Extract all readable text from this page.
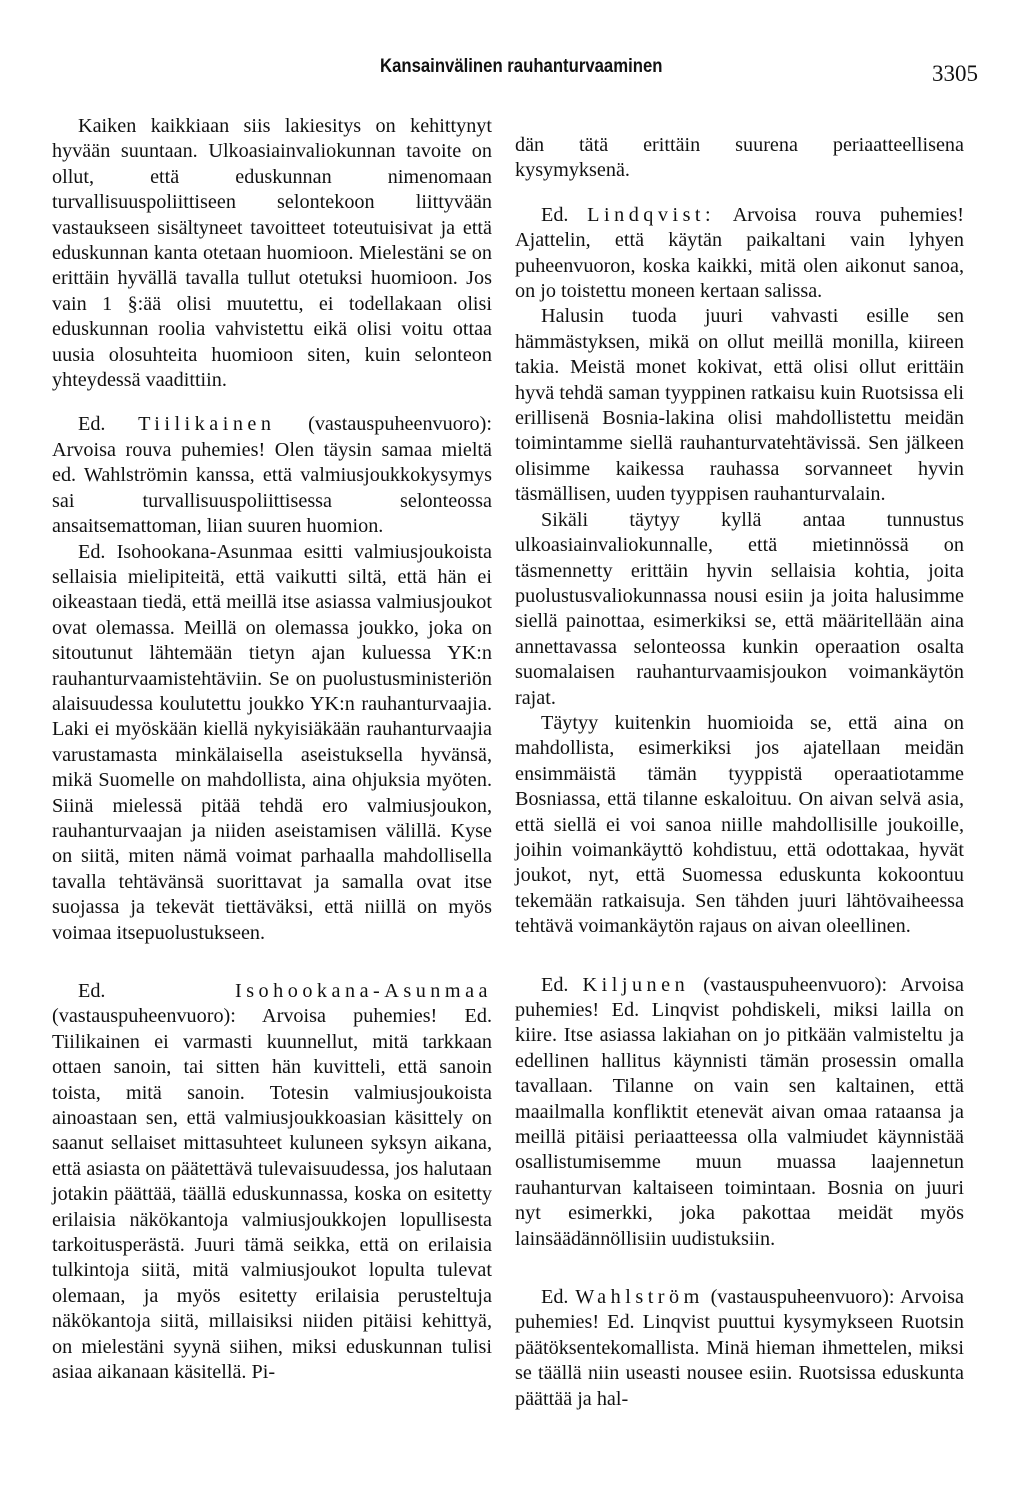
Kansainvälinen rauhanturvaaminen	3305

Kaiken kaikkiaan siis lakiesitys on kehittynyt hyvään suuntaan. Ulkoasiainvaliokunnan tavoite on ollut, että eduskunnan nimenomaan turvallisuuspoliittiseen selontekoon liittyvään vastaukseen sisältyneet tavoitteet toteutuisivat ja että eduskunnan kanta otetaan huomioon. Mielestäni se on erittäin hyvällä tavalla tullut otetuksi huomioon. Jos vain 1 §:ää olisi muutettu, ei todellakaan olisi eduskunnan roolia vahvistettu eikä olisi voitu ottaa uusia olosuhteita huomioon siten, kuin selonteon yhteydessä vaadittiin.

Ed. Tiilikainen (vastauspuheenvuoro): Arvoisa rouva puhemies! Olen täysin samaa mieltä ed. Wahlströmin kanssa, että valmiusjoukkokysymys sai turvallisuuspoliittisessa selonteossa ansaitsemattoman, liian suuren huomion.

Ed. Isohookana-Asunmaa esitti valmiusjoukoista sellaisia mielipiteitä, että vaikutti siltä, että hän ei oikeastaan tiedä, että meillä itse asiassa valmiusjoukot ovat olemassa. Meillä on olemassa joukko, joka on sitoutunut lähtemään tietyn ajan kuluessa YK:n rauhanturvaamistehtäviin. Se on puolustusministeriön alaisuudessa koulutettu joukko YK:n rauhanturvaajia. Laki ei myöskään kiellä nykyisiäkään rauhanturvaajia varustamasta minkälaisella aseistuksella hyvänsä, mikä Suomelle on mahdollista, aina ohjuksia myöten. Siinä mielessä pitää tehdä ero valmiusjoukon, rauhanturvaajan ja niiden aseistamisen välillä. Kyse on siitä, miten nämä voimat parhaalla mahdollisella tavalla tehtävänsä suorittavat ja samalla ovat itse suojassa ja tekevät tiettäväksi, että niillä on myös voimaa itsepuolustukseen.

Ed.	Isohookana-Asunmaa (vastauspuheenvuoro): Arvoisa puhemies! Ed. Tiilikainen ei varmasti kuunnellut, mitä tarkkaan ottaen sanoin, tai sitten hän kuvitteli, että sanoin toista, mitä sanoin. Totesin valmiusjoukoista ainoastaan sen, että valmiusjoukkoasian käsittely on saanut sellaiset mittasuhteet kuluneen syksyn aikana, että asiasta on päätettävä tulevaisuudessa, jos halutaan jotakin päättää, täällä eduskunnassa, koska on esitetty erilaisia näkökantoja valmiusjoukkojen lopullisesta tarkoitusperästä. Juuri tämä seikka, että on erilaisia tulkintoja siitä, mitä valmiusjoukot lopulta tulevat olemaan, ja myös esitetty erilaisia perusteltuja näkökantoja siitä, millaisiksi niiden pitäisi kehittyä, on mielestäni syynä siihen, miksi eduskunnan tulisi asiaa aikanaan käsitellä. Pi-

dän tätä erittäin suurena periaatteellisena kysymyksenä.

Ed. Lindqvist: Arvoisa rouva puhemies! Ajattelin, että käytän paikaltani vain lyhyen puheenvuoron, koska kaikki, mitä olen aikonut sanoa, on jo toistettu moneen kertaan salissa.

Halusin tuoda juuri vahvasti esille sen hämmästyksen, mikä on ollut meillä monilla, kiireen takia. Meistä monet kokivat, että olisi ollut erittäin hyvä tehdä saman tyyppinen ratkaisu kuin Ruotsissa eli erillisenä Bosnia-lakina olisi mahdollistettu meidän toimintamme siellä rauhanturvatehtävissä. Sen jälkeen olisimme kaikessa rauhassa sorvanneet hyvin täsmällisen, uuden tyyppisen rauhanturvalain.

Sikäli täytyy kyllä antaa tunnustus ulkoasiainvaliokunnalle, että mietinnössä on täsmennetty erittäin hyvin sellaisia kohtia, joita puolustusvaliokunnassa nousi esiin ja joita halusimme siellä painottaa, esimerkiksi se, että määritellään aina annettavassa selonteossa kunkin operaation osalta suomalaisen rauhanturvaamisjoukon voimankäytön rajat.

Täytyy kuitenkin huomioida se, että aina on mahdollista, esimerkiksi jos ajatellaan meidän ensimmäistä tämän tyyppistä operaatiotamme Bosniassa, että tilanne eskaloituu. On aivan selvä asia, että siellä ei voi sanoa niille mahdollisille joukoille, joihin voimankäyttö kohdistuu, että odottakaa, hyvät joukot, nyt, että Suomessa eduskunta kokoontuu tekemään ratkaisuja. Sen tähden juuri lähtövaiheessa tehtävä voimankäytön rajaus on aivan oleellinen.

Ed. Kiljunen (vastauspuheenvuoro): Arvoisa puhemies! Ed. Linqvist pohdiskeli, miksi lailla on kiire. Itse asiassa lakiahan on jo pitkään valmisteltu ja edellinen hallitus käynnisti tämän prosessin omalla tavallaan. Tilanne on vain sen kaltainen, että maailmalla konfliktit etenevät aivan omaa rataansa ja meillä pitäisi periaatteessa olla valmiudet käynnistää osallistumisemme muun muassa laajennetun rauhanturvan kaltaiseen toimintaan. Bosnia on juuri nyt esimerkki, joka pakottaa meidät myös lainsäädännöllisiin uudistuksiin.

Ed. Wahlström (vastauspuheenvuoro): Arvoisa puhemies! Ed. Linqvist puuttui kysymykseen Ruotsin päätöksentekomallista. Minä hieman ihmettelen, miksi se täällä niin useasti nousee esiin. Ruotsissa eduskunta päättää ja hal-
